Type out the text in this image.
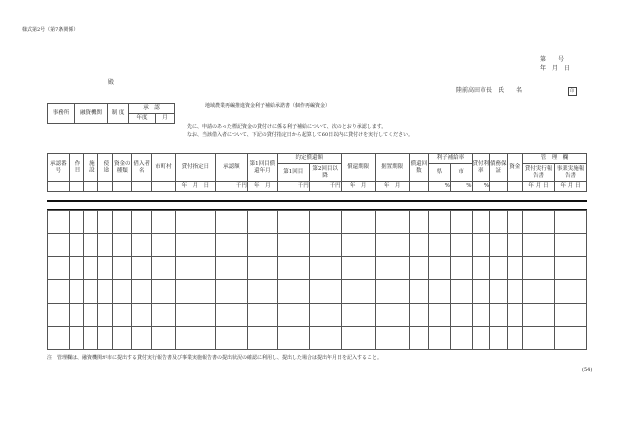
様式第2号（第7条関係）
第　　号
年　月　日
殿
陸前高田市長　氏　　名	印
事務所	融資機関	制 度	承　認	
			年度	月
地域農業再編推進資金利子補給承諾書（個作再編資金）
先に、申請のあった標記資金の貸付けに係る利子補給について、次のとおり承認します。
なお、当該借入者について、下記の貸付指定日から起算して60日以内に貸付けを実行してください。
承認番号	作目	施設	使途	資金の種類	借入者名	市町村	貸付指定日	承認額	第1回目償還年月	約定償還額		償還期限	据置期限	償還回数	利子補給率		貸付利率	債務保証	資金	管　理　欄	
										第1回目	第2回目以降				県	市				貸付実行報告書	事業実施報告書
							年　 月　 日	千円	年　 月	千円	千円	年　 月	年　 月		%	%	%			年 月 日	年 月 日

注　管理欄は、融資機関が市に提出する貸付実行報告書及び事業実施報告書の提出状況の確認に利用し、提出した場合は提出年月日を記入すること。
(54)
